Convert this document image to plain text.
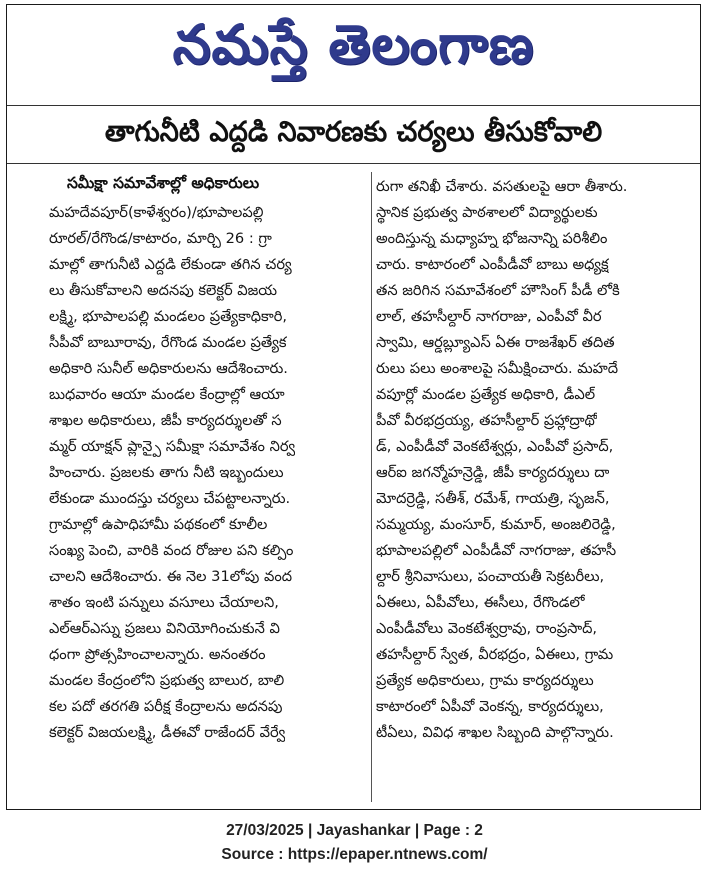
నమస్తే తెలంగాణ
తాగునీటి ఎద్దడి నివారణకు చర్యలు తీసుకోవాలి
సమీక్షా సమావేశాల్లో అధికారులు
మహదేవపూర్(కాళేశ్వరం)/భూపాలపల్లి
రూరల్/రేగొండ/కాటారం, మార్చి 26 : గ్రా
మాల్లో తాగునీటి ఎద్దడి లేకుండా తగిన చర్య
లు తీసుకోవాలని అదనపు కలెక్టర్ విజయ
లక్ష్మి, భూపాలపల్లి మండలం ప్రత్యేకాధికారి,
సీపీవో బాబూరావు, రేగొండ మండల ప్రత్యేక
అధికారి సునీల్ అధికారులను ఆదేశించారు.
బుధవారం ఆయా మండల కేంద్రాల్లో ఆయా
శాఖల అధికారులు, జీపీ కార్యదర్శులతో స
మ్మర్ యాక్షన్ ప్లాన్పై సమీక్షా సమావేశం నిర్వ
హించారు. ప్రజలకు తాగు నీటి ఇబ్బందులు
లేకుండా ముందస్తు చర్యలు చేపట్టాలన్నారు.
గ్రామాల్లో ఉపాధిహామీ పథకంలో కూలీల
సంఖ్య పెంచి, వారికి వంద రోజుల పని కల్పిం
చాలని ఆదేశించారు. ఈ నెల 31లోపు వంద
శాతం ఇంటి పన్నులు వసూలు చేయాలని,
ఎల్ఆర్ఎస్ను ప్రజలు వినియోగించుకునే వి
ధంగా ప్రోత్సహించాలన్నారు. అనంతరం
మండల కేంద్రంలోని ప్రభుత్వ బాలుర, బాలి
కల పదో తరగతి పరీక్ష కేంద్రాలను అదనపు
కలెక్టర్ విజయలక్ష్మి, డీఈవో రాజేందర్ వేర్వే
రుగా తనిఖీ చేశారు. వసతులపై ఆరా తీశారు.
స్థానిక ప్రభుత్వ పాఠశాలలో విద్యార్థులకు
అందిస్తున్న మధ్యాహ్న భోజనాన్ని పరిశీలిం
చారు. కాటారంలో ఎంపీడీవో బాబు అధ్యక్ష
తన జరిగిన సమావేశంలో హౌసింగ్ పీడీ లోకి
లాల్, తహసీల్దార్ నాగరాజు, ఎంపీవో వీర
స్వామి, ఆర్డబ్ల్యూఎస్ ఏఈ రాజశేఖర్ తదిత
రులు పలు అంశాలపై సమీక్షించారు. మహదే
వపూర్లో మండల ప్రత్యేక అధికారి, డీఎల్
పీవో వీరభద్రయ్య, తహసీల్దార్ ప్రహ్లాద్రాథో
డ్, ఎంపీడీవో వెంకటేశ్వర్లు, ఎంపీవో ప్రసాద్,
ఆర్ఐ జగన్మోహన్రెడ్డి, జీపీ కార్యదర్శులు దా
మోదర్రెడ్డి, సతీశ్, రమేశ్, గాయత్రి, సృజన్,
సమ్మయ్య, మంసూర్, కుమార్, అంజలిరెడ్డి,
భూపాలపల్లిలో ఎంపీడీవో నాగరాజు, తహసీ
ల్దార్ శ్రీనివాసులు, పంచాయతీ సెక్రటరీలు,
ఏఈలు, ఏపీవోలు, ఈసీలు, రేగొండలో
ఎంపీడీవోలు వెంకటేశ్వర్రావు, రాంప్రసాద్,
తహసీల్దార్ స్వేత, వీరభద్రం, ఏఈలు, గ్రామ
ప్రత్యేక అధికారులు, గ్రామ కార్యదర్శులు
కాటారంలో ఏపీవో వెంకన్న, కార్యదర్శులు,
టీఏలు, వివిధ శాఖల సిబ్బంది పాల్గొన్నారు.
27/03/2025 | Jayashankar | Page : 2
Source : https://epaper.ntnews.com/
